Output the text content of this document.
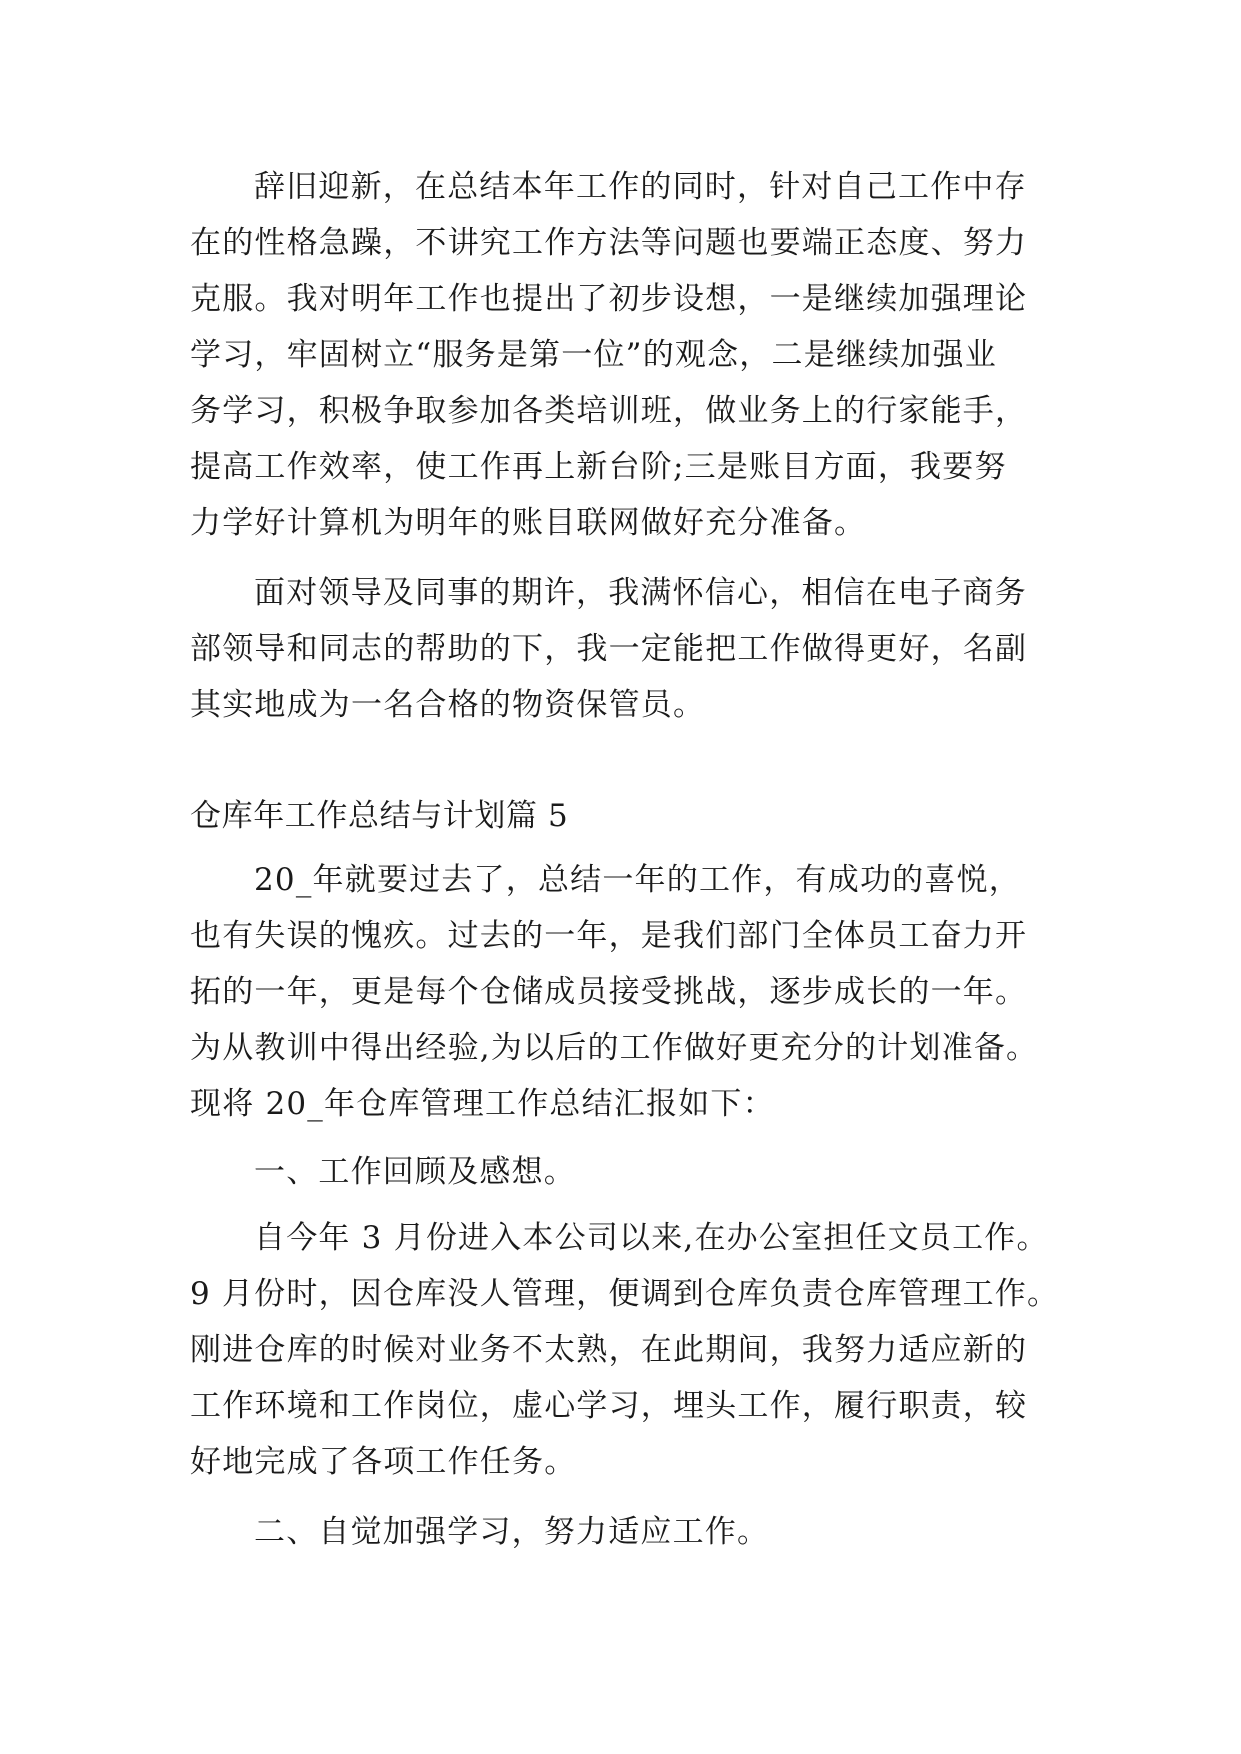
辞旧迎新，在总结本年工作的同时，针对自己工作中存
在的性格急躁，不讲究工作方法等问题也要端正态度、努力
克服。我对明年工作也提出了初步设想，一是继续加强理论
学习，牢固树立“服务是第一位”的观念，二是继续加强业
务学习，积极争取参加各类培训班，做业务上的行家能手，
提高工作效率，使工作再上新台阶;三是账目方面，我要努
力学好计算机为明年的账目联网做好充分准备。
面对领导及同事的期许，我满怀信心，相信在电子商务
部领导和同志的帮助的下，我一定能把工作做得更好，名副
其实地成为一名合格的物资保管员。
仓库年工作总结与计划篇 5
20_年就要过去了，总结一年的工作，有成功的喜悦，
也有失误的愧疚。过去的一年，是我们部门全体员工奋力开
拓的一年，更是每个仓储成员接受挑战，逐步成长的一年。
为从教训中得出经验,为以后的工作做好更充分的计划准备。
现将 20_年仓库管理工作总结汇报如下：
一、工作回顾及感想。
自今年 3 月份进入本公司以来,在办公室担任文员工作。
9 月份时，因仓库没人管理，便调到仓库负责仓库管理工作。
刚进仓库的时候对业务不太熟，在此期间，我努力适应新的
工作环境和工作岗位，虚心学习，埋头工作，履行职责，较
好地完成了各项工作任务。
二、自觉加强学习，努力适应工作。
